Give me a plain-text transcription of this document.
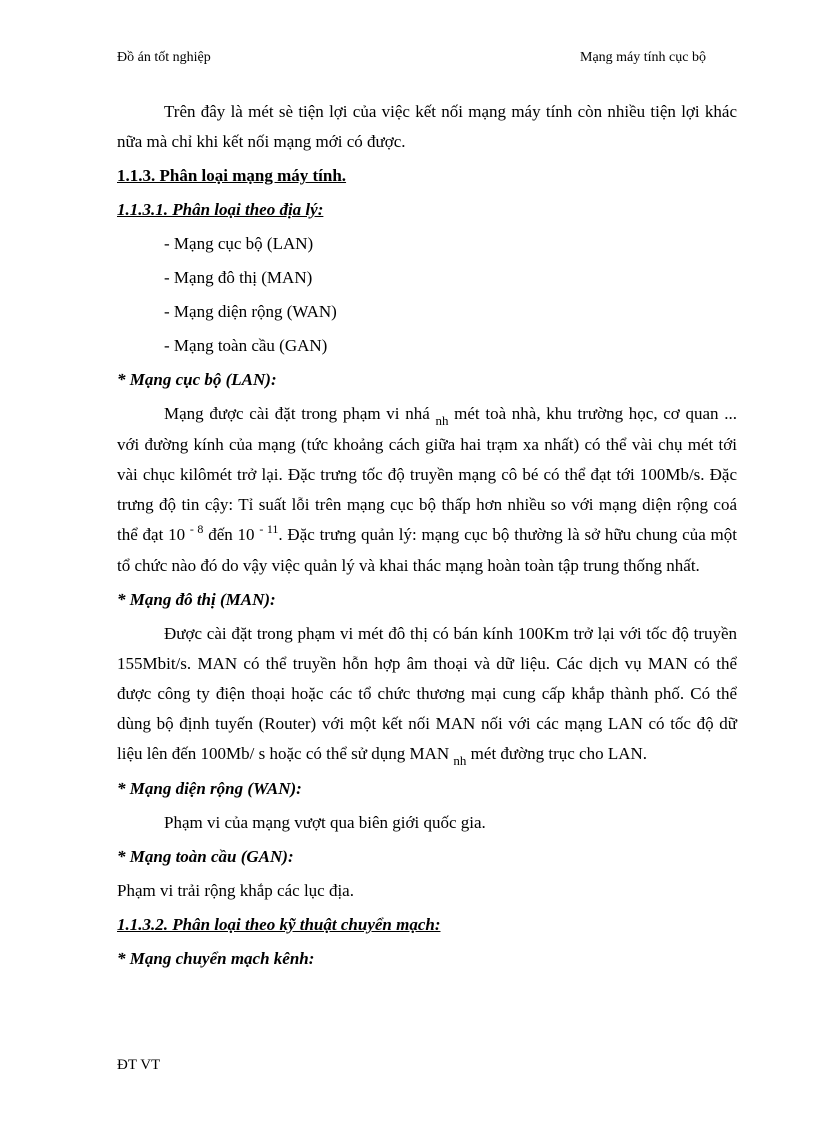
Đồ án tốt nghiệp	Mạng máy tính cục bộ

Trên đây là mét sè tiện lợi của việc kết nối mạng máy tính còn nhiều tiện lợi khác nữa mà chỉ khi kết nối mạng mới có được.

1.1.3. Phân loại mạng máy tính.

1.1.3.1. Phân loại theo địa lý:

- Mạng cục bộ (LAN)

- Mạng đô thị (MAN)

- Mạng diện rộng (WAN)

- Mạng toàn cầu (GAN)

* Mạng cục bộ (LAN):

Mạng được cài đặt trong phạm vi nhá $_{nh}$ mét toà nhà, khu trường học, cơ quan ... với đường kính của mạng (tức khoảng cách giữa hai trạm xa nhất) có thể vài chụ mét tới vài chục kilômét trở lại. Đặc trưng tốc độ truyền mạng cô bé có thể đạt tới 100Mb/s. Đặc trưng độ tin cậy: Tỉ suất lỗi trên mạng cục bộ thấp hơn nhiều so với mạng diện rộng coá thể đạt 10 $^{- 8}$ đến 10 $^{- 11}$. Đặc trưng quản lý: mạng cục bộ thường là sở hữu chung của một tổ chức nào đó do vậy việc quản lý và khai thác mạng hoàn toàn tập trung thống nhất.

* Mạng đô thị (MAN):

Được cài đặt trong phạm vi mét đô thị có bán kính 100Km trở lại với tốc độ truyền 155Mbit/s. MAN có thể truyền hỗn hợp âm thoại và dữ liệu. Các dịch vụ MAN có thể được công ty điện thoại hoặc các tổ chức thương mại cung cấp khắp thành phố. Có thể dùng bộ định tuyến (Router) với một kết nối MAN nối với các mạng LAN có tốc độ dữ liệu lên đến 100Mb/ s hoặc có thể sử dụng MAN $_{nh}$ mét đường trục cho LAN.

* Mạng diện rộng (WAN):

Phạm vi của mạng vượt qua biên giới quốc gia.

* Mạng toàn cầu (GAN):

Phạm vi trải rộng khắp các lục địa.

1.1.3.2. Phân loại theo kỹ thuật chuyển mạch:

* Mạng chuyển mạch kênh:

ĐT VT
